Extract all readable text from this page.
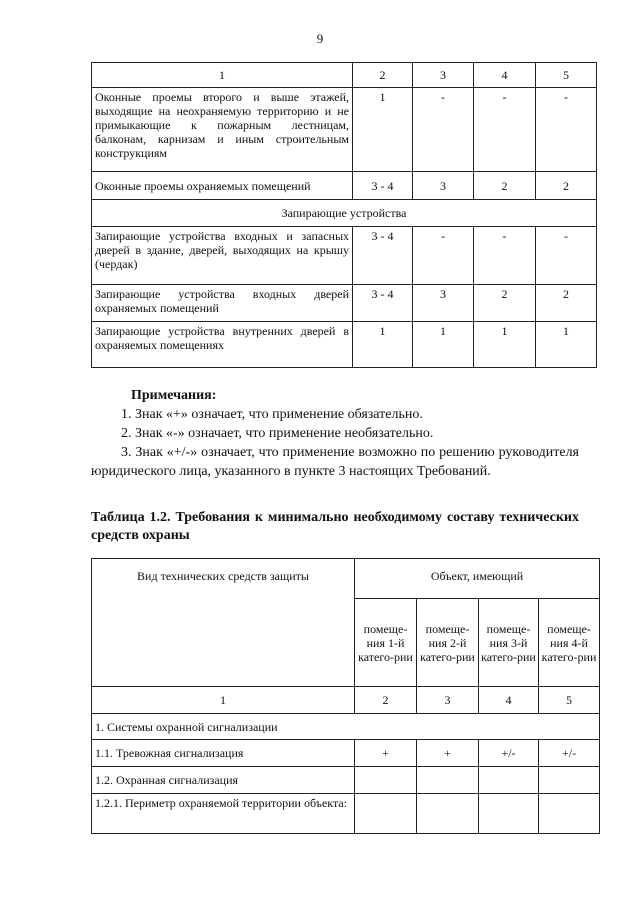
9
1	2	3	4	5
Оконные проемы второго и выше этажей, выходящие на неохраняемую территорию и не примыкающие к пожарным лестницам, балконам, карнизам и иным строительным конструкциям	1	-	-	-
Оконные проемы охраняемых помещений	3 - 4	3	2	2
Запирающие устройства				
Запирающие устройства входных и запасных дверей в здание, дверей, выходящих на крышу (чердак)	3 - 4	-	-	-
Запирающие устройства входных дверей охраняемых помещений	3 - 4	3	2	2
Запирающие устройства внутренних дверей в охраняемых помещениях	1	1	1	1
Примечания:
1. Знак «+» означает, что применение обязательно.
2. Знак «-» означает, что применение необязательно.
3. Знак «+/-» означает, что применение возможно по решению руководителя юридического лица, указанного в пункте 3 настоящих Требований.
Таблица 1.2. Требования к минимально необходимому составу технических средств охраны
Вид технических средств защиты	Объект, имеющий			
	помеще-ния 1-й катего-рии	помеще-ния 2-й катего-рии	помеще-ния 3-й катего-рии	помеще-ния 4-й катего-рии
1	2	3	4	5
1. Системы охранной сигнализации				
1.1. Тревожная сигнализация	+	+	+/-	+/-
1.2. Охранная сигнализация				
1.2.1. Периметр охраняемой территории объекта:				
